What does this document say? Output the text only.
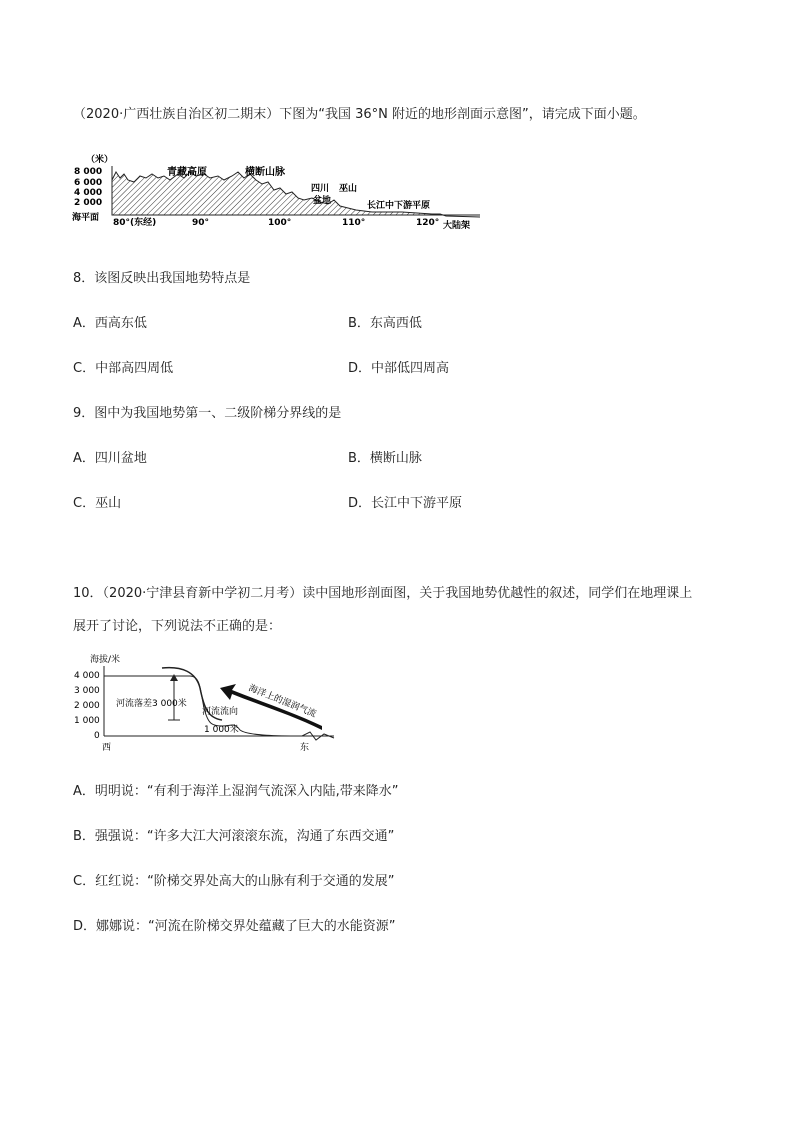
（2020·广西壮族自治区初二期末）下图为“我国 36°N 附近的地形剖面示意图”，请完成下面小题。
（米）
8 000
6 000
4 000
2 000
海平面
青藏高原	横断山脉
四川
盆地
巫山
长江中下游平原
80°(东经)	90°	100°	110°	120° 大陆架
8．该图反映出我国地势特点是
A．西高东低	B．东高西低
C．中部高四周低	D．中部低四周高
9．图中为我国地势第一、二级阶梯分界线的是
A．四川盆地	B．横断山脉
C．巫山	D．长江中下游平原
10．（2020·宁津县育新中学初二月考）读中国地形剖面图，关于我国地势优越性的叙述，同学们在地理课上
展开了讨论，下列说法不正确的是：
海拔/米
4 000
3 000
2 000
1 000
0
河流落差3 000米
河流流向
1 000米
海洋上的湿润气流
西	东
A．明明说：“有利于海洋上湿润气流深入内陆,带来降水”
B．强强说：“许多大江大河滚滚东流，沟通了东西交通”
C．红红说：“阶梯交界处高大的山脉有利于交通的发展”
D．娜娜说：“河流在阶梯交界处蕴藏了巨大的水能资源”
